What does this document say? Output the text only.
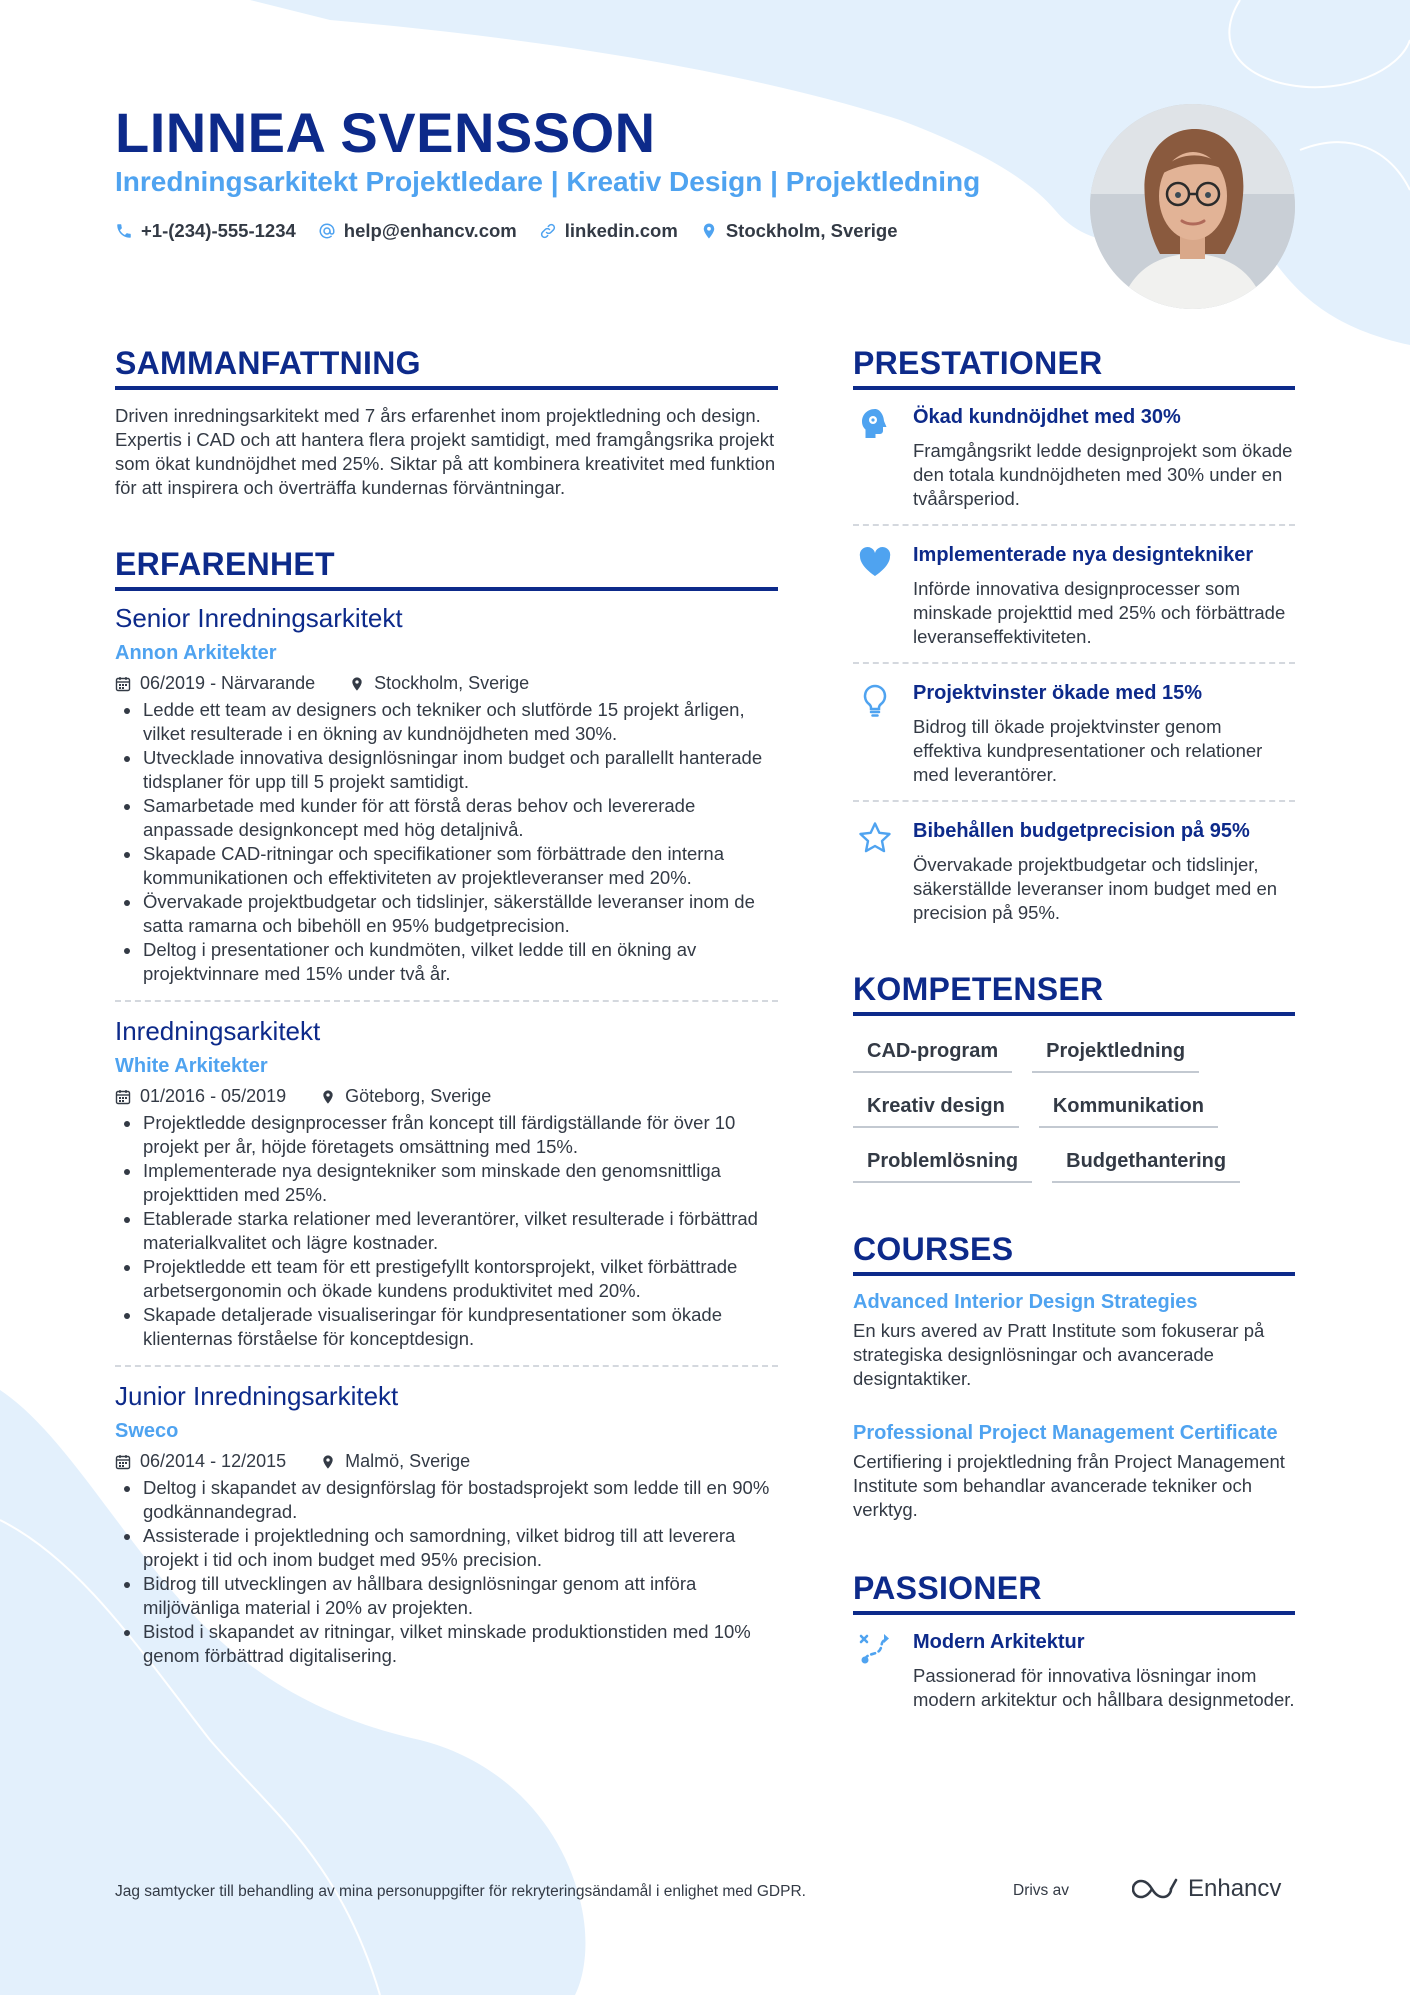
LINNEA SVENSSON
Inredningsarkitekt Projektledare | Kreativ Design | Projektledning
+1-(234)-555-1234	help@enhancv.com	linkedin.com	Stockholm, Sverige
SAMMANFATTNING

Driven inredningsarkitekt med 7 års erfarenhet inom projektledning och design. Expertis i CAD och att hantera flera projekt samtidigt, med framgångsrika projekt som ökat kundnöjdhet med 25%. Siktar på att kombinera kreativitet med funktion för att inspirera och överträffa kundernas förväntningar.

ERFARENHET
Senior Inredningsarkitekt
Annon Arkitekter
06/2019 - Närvarande	Stockholm, Sverige
Ledde ett team av designers och tekniker och slutförde 15 projekt årligen, vilket resulterade i en ökning av kundnöjdheten med 30%.
Utvecklade innovativa designlösningar inom budget och parallellt hanterade tidsplaner för upp till 5 projekt samtidigt.
Samarbetade med kunder för att förstå deras behov och levererade anpassade designkoncept med hög detaljnivå.
Skapade CAD-ritningar och specifikationer som förbättrade den interna kommunikationen och effektiviteten av projektleveranser med 20%.
Övervakade projektbudgetar och tidslinjer, säkerställde leveranser inom de satta ramarna och bibehöll en 95% budgetprecision.
Deltog i presentationer och kundmöten, vilket ledde till en ökning av projektvinnare med 15% under två år.
Inredningsarkitekt
White Arkitekter
01/2016 - 05/2019	Göteborg, Sverige
Projektledde designprocesser från koncept till färdigställande för över 10 projekt per år, höjde företagets omsättning med 15%.
Implementerade nya designtekniker som minskade den genomsnittliga projekttiden med 25%.
Etablerade starka relationer med leverantörer, vilket resulterade i förbättrad materialkvalitet och lägre kostnader.
Projektledde ett team för ett prestigefyllt kontorsprojekt, vilket förbättrade arbetsergonomin och ökade kundens produktivitet med 20%.
Skapade detaljerade visualiseringar för kundpresentationer som ökade klienternas förståelse för konceptdesign.
Junior Inredningsarkitekt
Sweco
06/2014 - 12/2015	Malmö, Sverige
Deltog i skapandet av designförslag för bostadsprojekt som ledde till en 90% godkännandegrad.
Assisterade i projektledning och samordning, vilket bidrog till att leverera projekt i tid och inom budget med 95% precision.
Bidrog till utvecklingen av hållbara designlösningar genom att införa miljövänliga material i 20% av projekten.
Bistod i skapandet av ritningar, vilket minskade produktionstiden med 10% genom förbättrad digitalisering.
PRESTATIONER
Ökad kundnöjdhet med 30%
Framgångsrikt ledde designprojekt som ökade den totala kundnöjdheten med 30% under en tvåårsperiod.
Implementerade nya designtekniker
Införde innovativa designprocesser som minskade projekttid med 25% och förbättrade leveranseffektiviteten.
Projektvinster ökade med 15%
Bidrog till ökade projektvinster genom effektiva kundpresentationer och relationer med leverantörer.
Bibehållen budgetprecision på 95%
Övervakade projektbudgetar och tidslinjer, säkerställde leveranser inom budget med en precision på 95%.
KOMPETENSER
CAD-program	Projektledning
Kreativ design	Kommunikation
Problemlösning	Budgethantering
COURSES
Advanced Interior Design Strategies
En kurs avered av Pratt Institute som fokuserar på strategiska designlösningar och avancerade designtaktiker.
Professional Project Management Certificate
Certifiering i projektledning från Project Management Institute som behandlar avancerade tekniker och verktyg.
PASSIONER
Modern Arkitektur
Passionerad för innovativa lösningar inom modern arkitektur och hållbara designmetoder.
Jag samtycker till behandling av mina personuppgifter för rekryteringsändamål i enlighet med GDPR.	Drivs av	Enhancv
